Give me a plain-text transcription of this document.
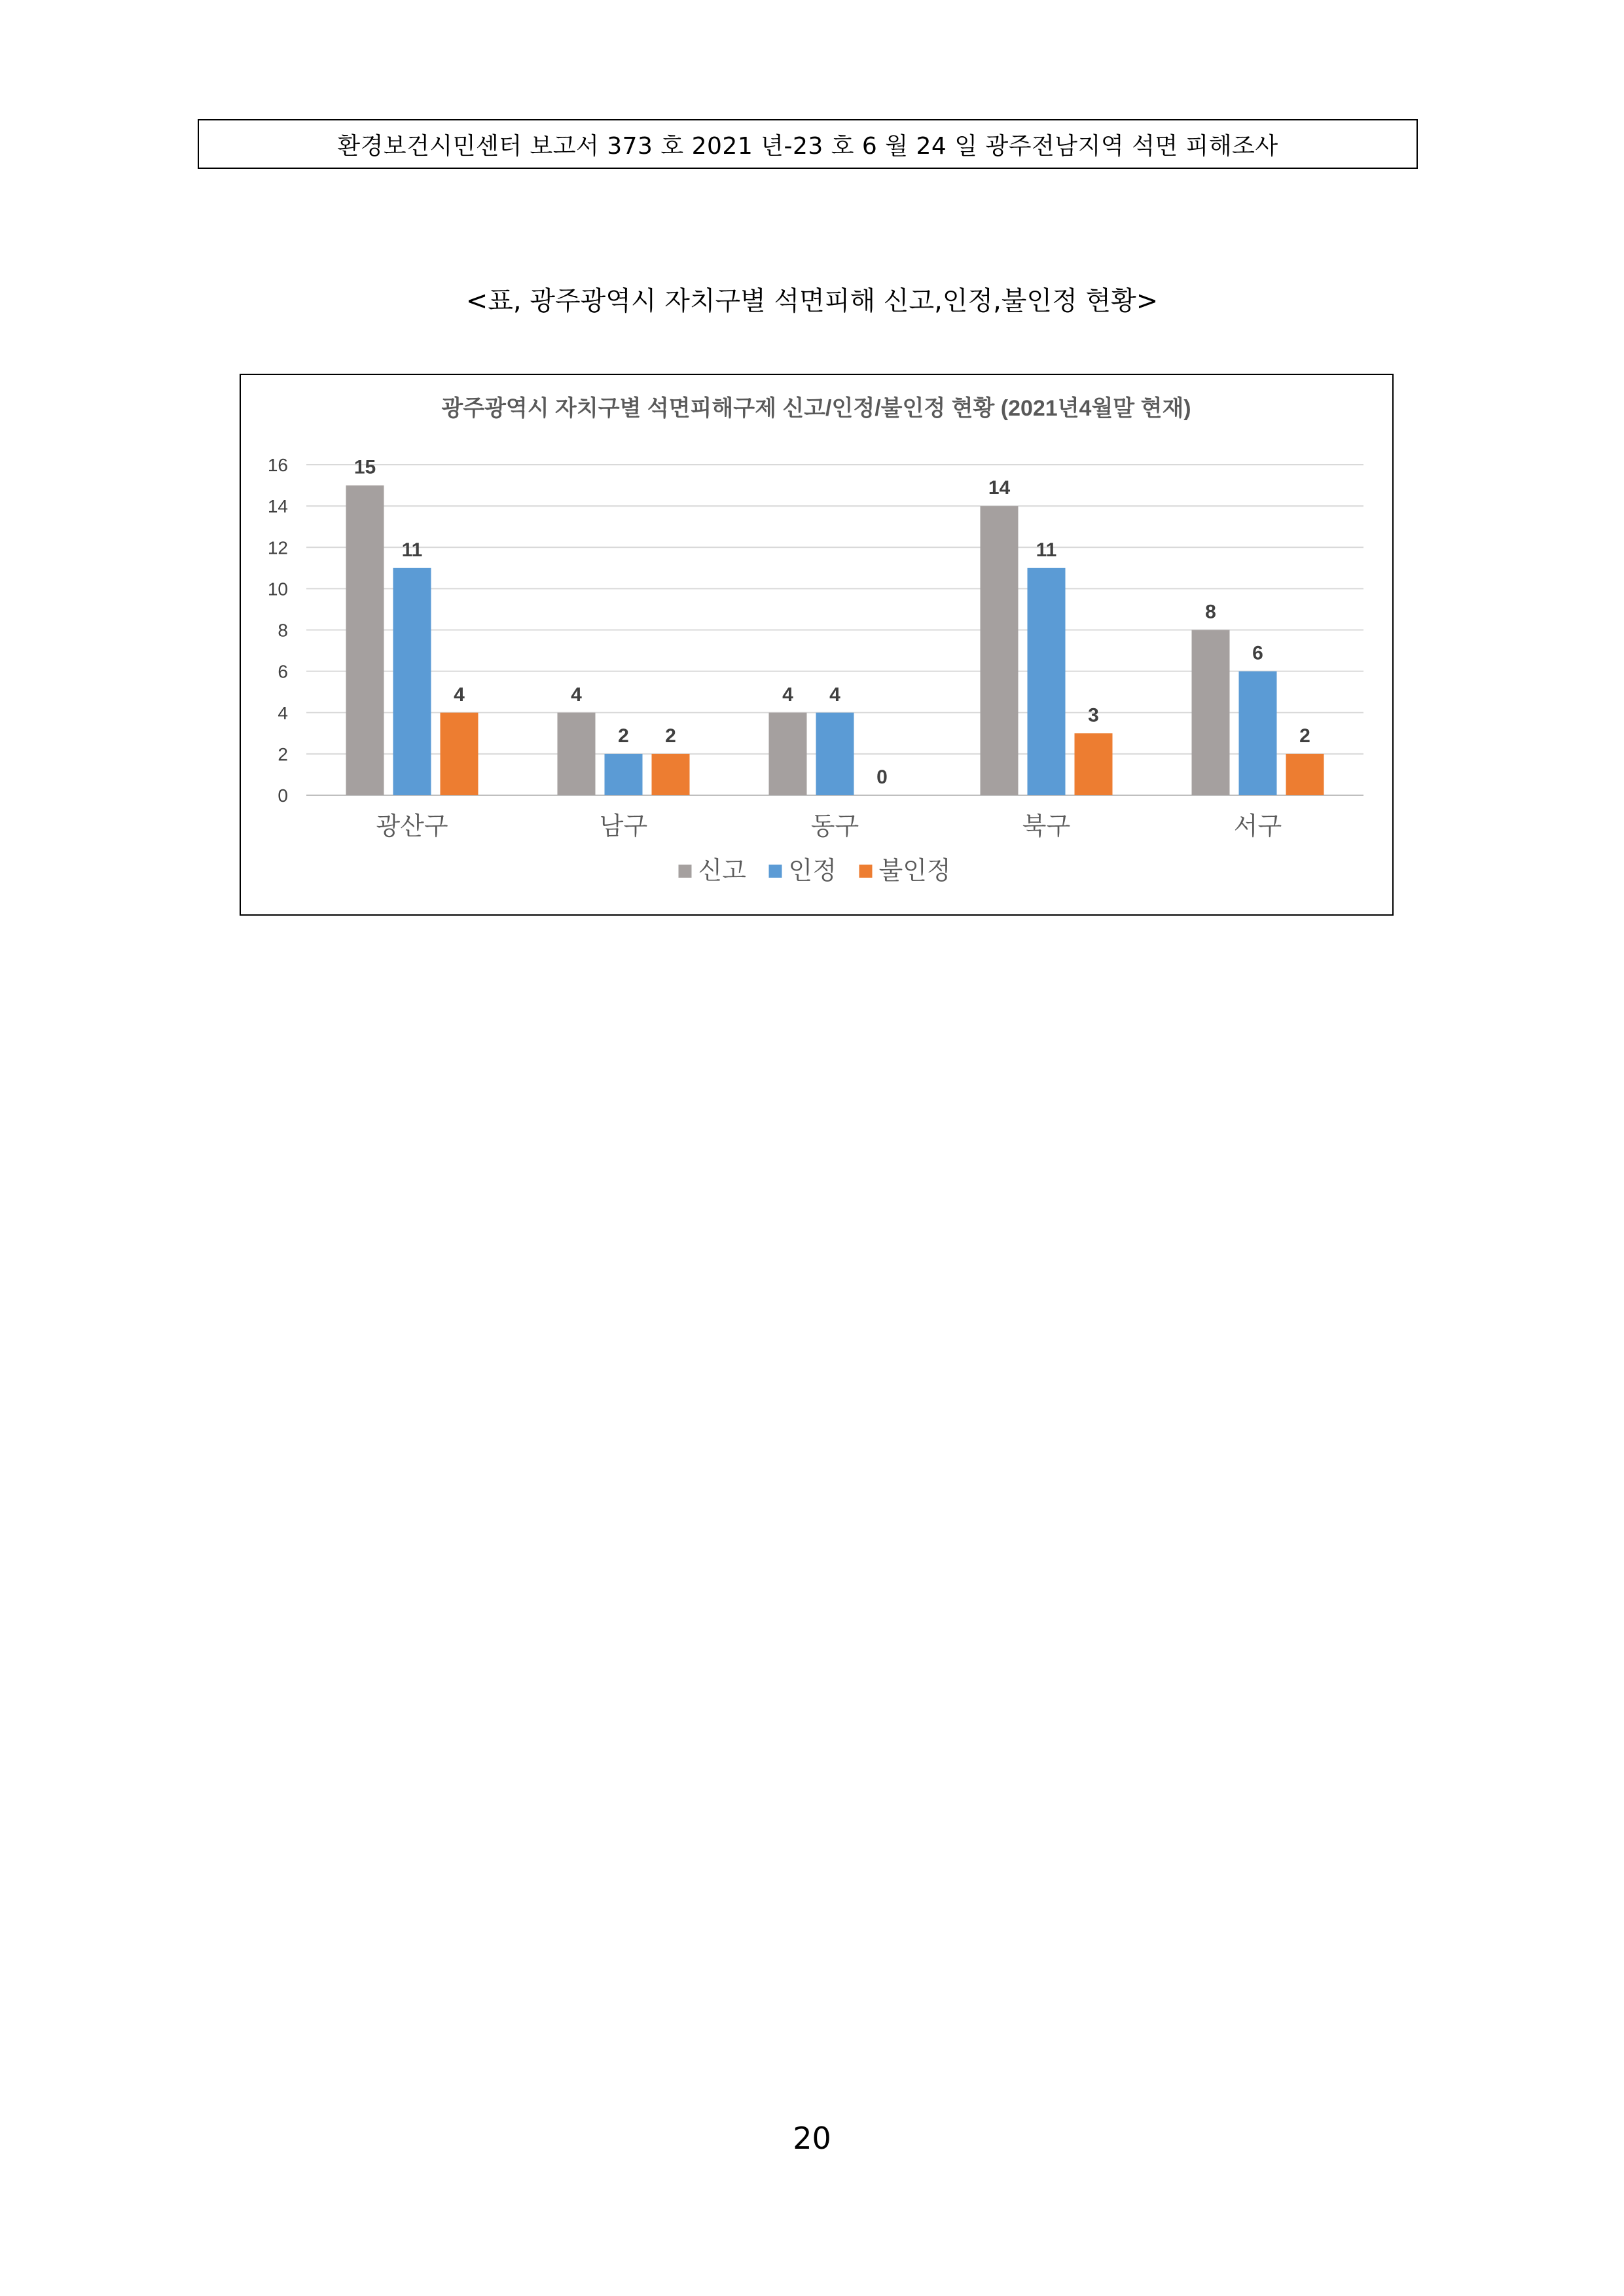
환경보건시민센터 보고서 373 호 2021 년-23 호 6 월 24 일 광주전남지역 석면 피해조사
<표, 광주광역시 자치구별 석면피해 신고,인정,불인정 현황>
광주광역시 자치구별 석면피해구제 신고/인정/불인정 현황 (2021년4월말 현재)
0
2
4
6
8
10
12
14
16	15
11
4	4
2 2
4 4
0
14
11
3
8
6
2
광산구	남구	동구	북구	서구
신고 인정 불인정
20
